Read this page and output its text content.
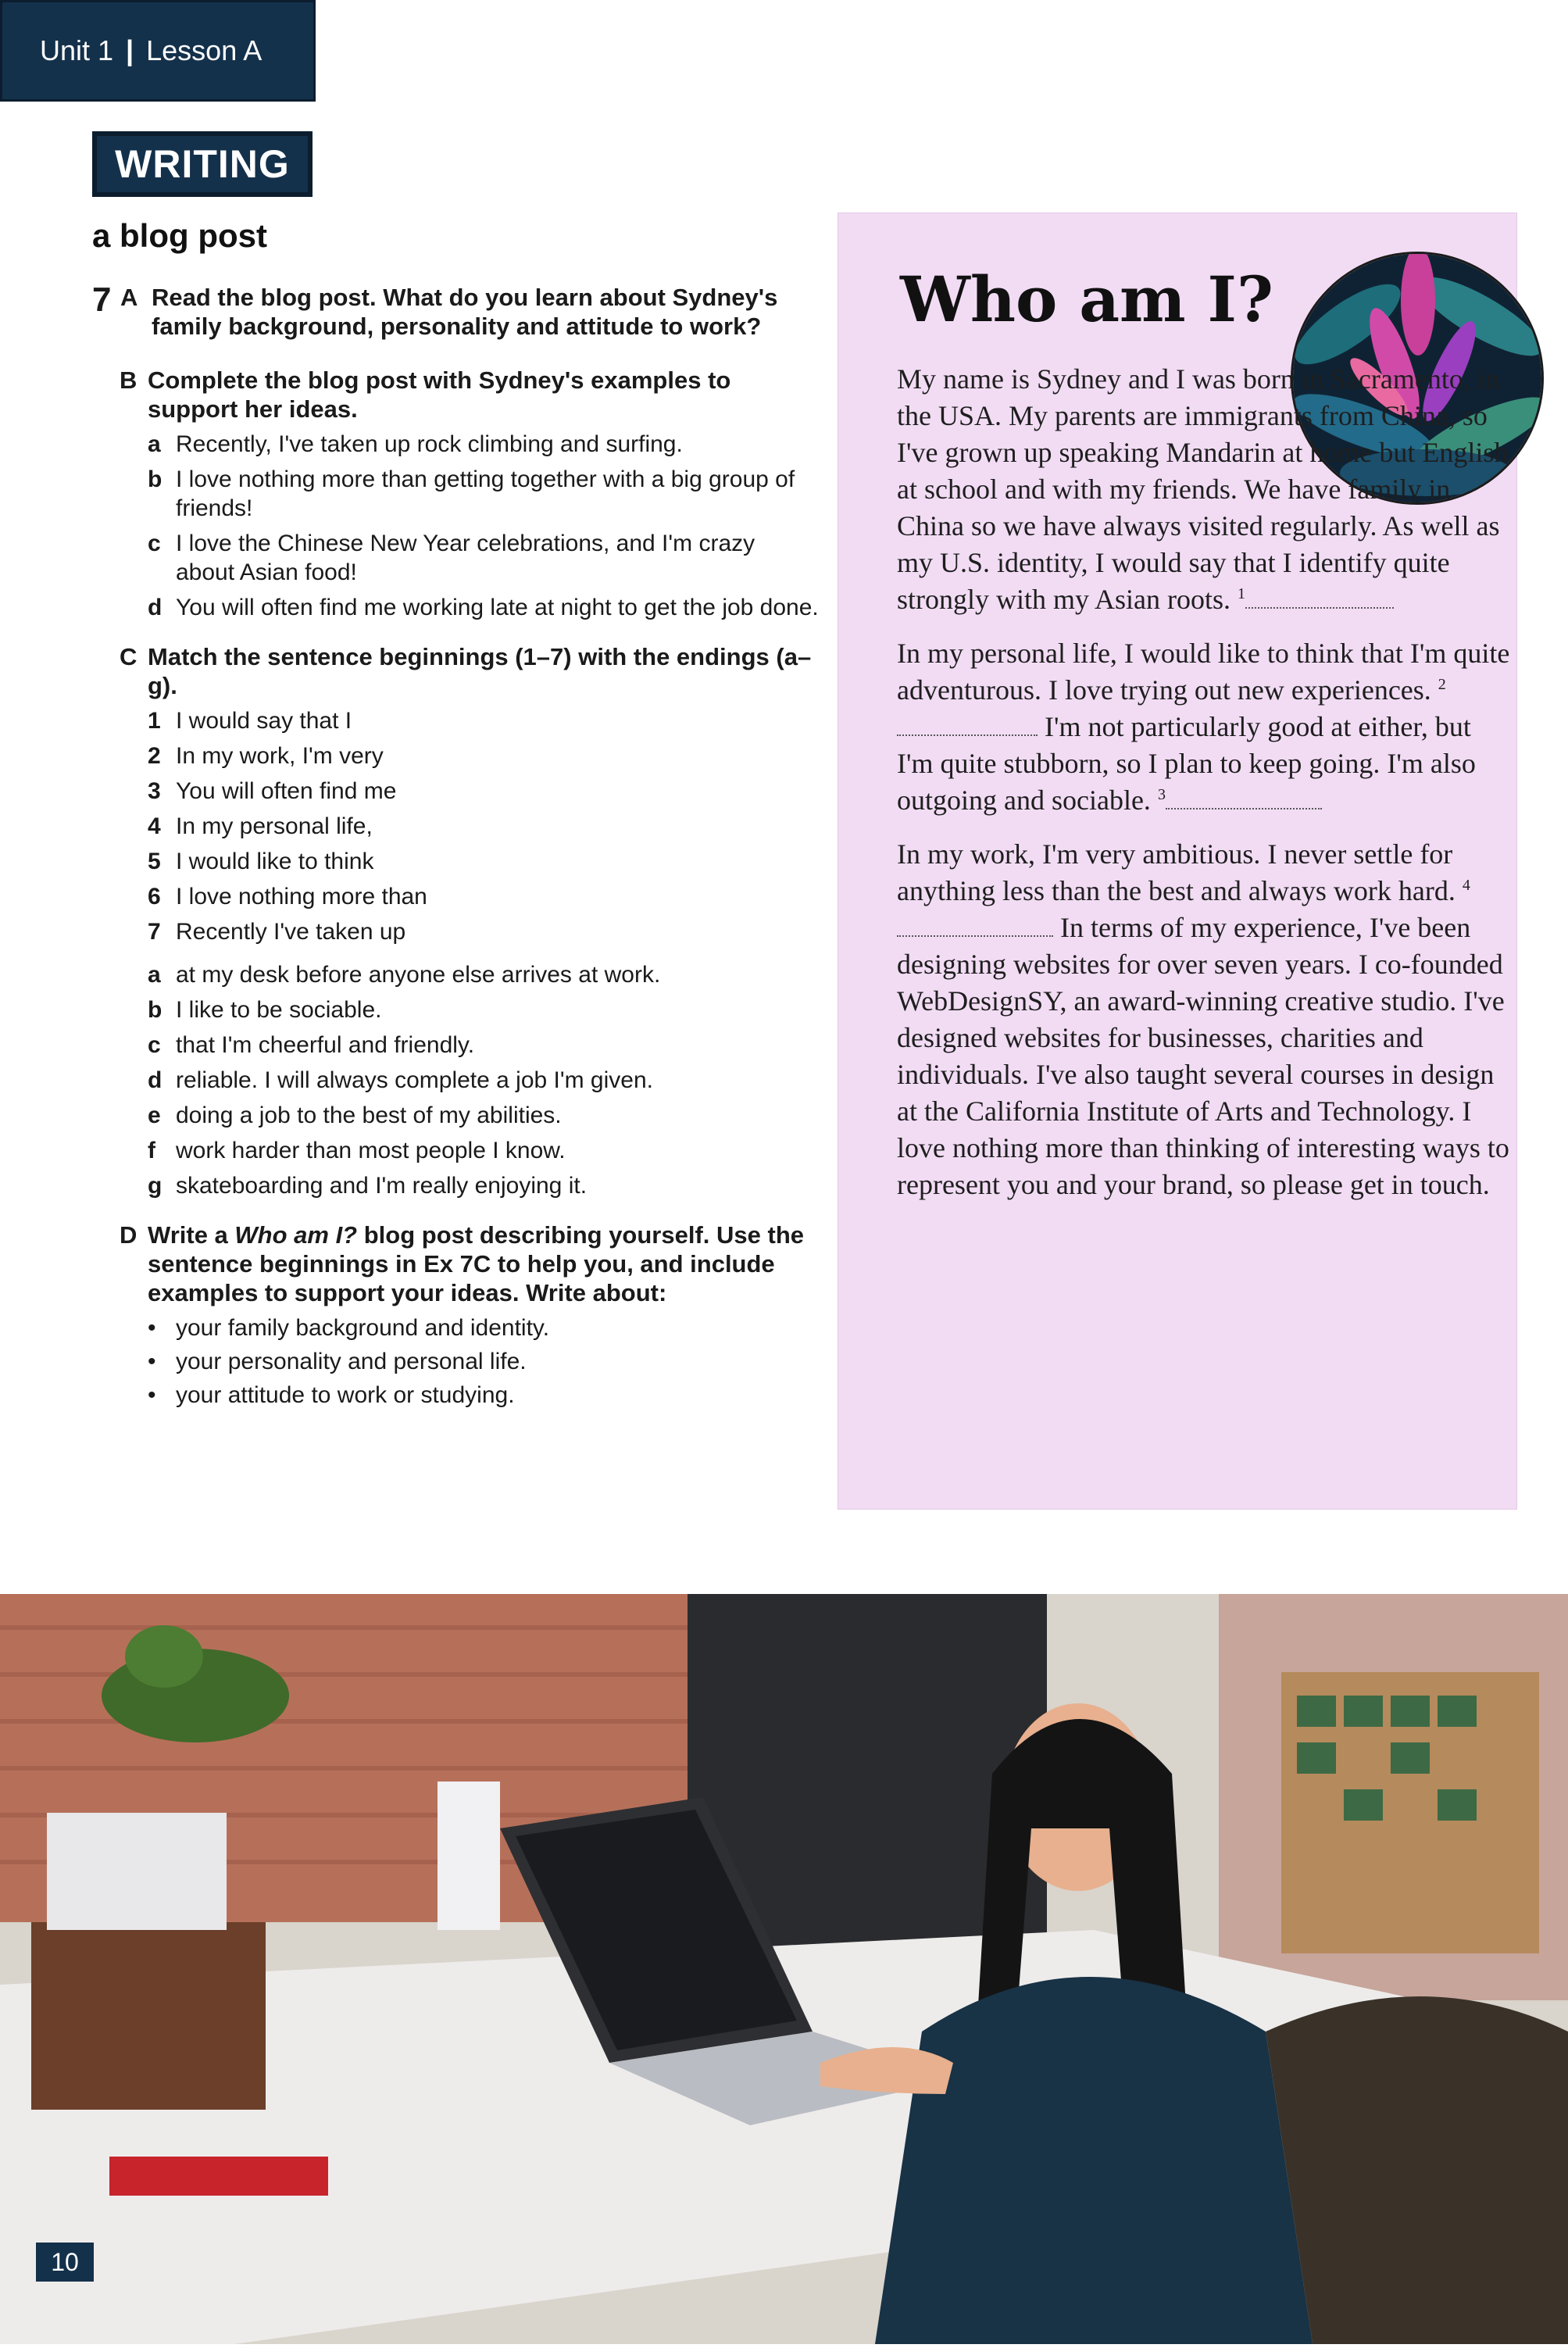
Unit 1 | Lesson A
WRITING
a blog post
7 A Read the blog post. What do you learn about Sydney's family background, personality and attitude to work?
B Complete the blog post with Sydney's examples to support her ideas.
a Recently, I've taken up rock climbing and surfing.
b I love nothing more than getting together with a big group of friends!
c I love the Chinese New Year celebrations, and I'm crazy about Asian food!
d You will often find me working late at night to get the job done.
C Match the sentence beginnings (1–7) with the endings (a–g).
1 I would say that I
2 In my work, I'm very
3 You will often find me
4 In my personal life,
5 I would like to think
6 I love nothing more than
7 Recently I've taken up
a at my desk before anyone else arrives at work.
b I like to be sociable.
c that I'm cheerful and friendly.
d reliable. I will always complete a job I'm given.
e doing a job to the best of my abilities.
f work harder than most people I know.
g skateboarding and I'm really enjoying it.
D Write a Who am I? blog post describing yourself. Use the sentence beginnings in Ex 7C to help you, and include examples to support your ideas. Write about:
• your family background and identity.
• your personality and personal life.
• your attitude to work or studying.
Who am I?

My name is Sydney and I was born in Sacramento, in the USA. My parents are immigrants from China, so I've grown up speaking Mandarin at home but English at school and with my friends. We have family in China so we have always visited regularly. As well as my U.S. identity, I would say that I identify quite strongly with my Asian roots. $^1$

In my personal life, I would like to think that I'm quite adventurous. I love trying out new experiences. $^2$ I'm not particularly good at either, but I'm quite stubborn, so I plan to keep going. I'm also outgoing and sociable. $^3$

In my work, I'm very ambitious. I never settle for anything less than the best and always work hard. $^4$ In terms of my experience, I've been designing websites for over seven years. I co-founded WebDesignSY, an award-winning creative studio. I've designed websites for businesses, charities and individuals. I've also taught several courses in design at the California Institute of Arts and Technology. I love nothing more than thinking of interesting ways to represent you and your brand, so please get in touch.

10
